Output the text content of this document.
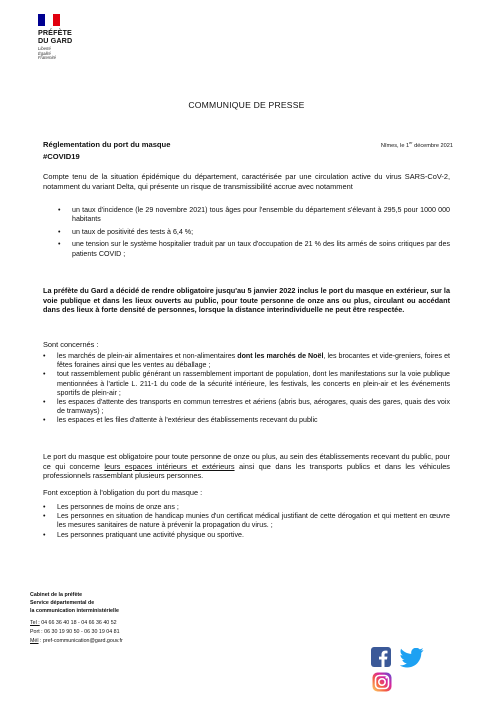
PRÉFÈTE
DU GARD
Liberté
Égalité
Fraternité
COMMUNIQUE DE PRESSE
Réglementation du port du masque	Nîmes, le 1er décembre 2021
#COVID19
Compte tenu de la situation épidémique du département, caractérisée par une circulation active du virus SARS-CoV-2, notamment du variant Delta, qui présente un risque de transmissibilité accrue avec notamment
• un taux d'incidence (le 29 novembre 2021) tous âges pour l'ensemble du département s'élevant à 295,5 pour 1000 000 habitants
• un taux de positivité des tests à 6,4 %;
• une tension sur le système hospitalier traduit par un taux d'occupation de 21 % des lits armés de soins critiques par des patients COVID ;
La préfète du Gard a décidé de rendre obligatoire jusqu'au 5 janvier 2022 inclus le port du masque en extérieur, sur la voie publique et dans les lieux ouverts au public, pour toute personne de onze ans ou plus, circulant ou accédant dans des lieux à forte densité de personnes, lorsque la distance interindividuelle ne peut être respectée.
Sont concernés :
• les marchés de plein-air alimentaires et non-alimentaires dont les marchés de Noël, les brocantes et vide-greniers, foires et fêtes foraines ainsi que les ventes au déballage ;
• tout rassemblement public générant un rassemblement important de population, dont les manifestations sur la voie publique mentionnées à l'article L. 211-1 du code de la sécurité intérieure, les festivals, les concerts en plein-air et les événements sportifs de plein-air ;
• les espaces d'attente des transports en commun terrestres et aériens (abris bus, aérogares, quais des gares, quais des voix de tramways) ;
• les espaces et les files d'attente à l'extérieur des établissements recevant du public
Le port du masque est obligatoire pour toute personne de onze ou plus, au sein des établissements recevant du public, pour ce qui concerne leurs espaces intérieurs et extérieurs ainsi que dans les transports publics et dans les véhicules professionnels rassemblant plusieurs personnes.
Font exception à l'obligation du port du masque :
• Les personnes de moins de onze ans ;
• Les personnes en situation de handicap munies d'un certificat médical justifiant de cette dérogation et qui mettent en œuvre les mesures sanitaires de nature à prévenir la propagation du virus. ;
• Les personnes pratiquant une activité physique ou sportive.
Cabinet de la préfète
Service départemental de
la communication interministérielle
Tel : 04 66 36 40 18 - 04 66 36 40 52
Port : 06 30 19 90 50 - 06 30 19 04 81
Mél : pref-communication@gard.gouv.fr
